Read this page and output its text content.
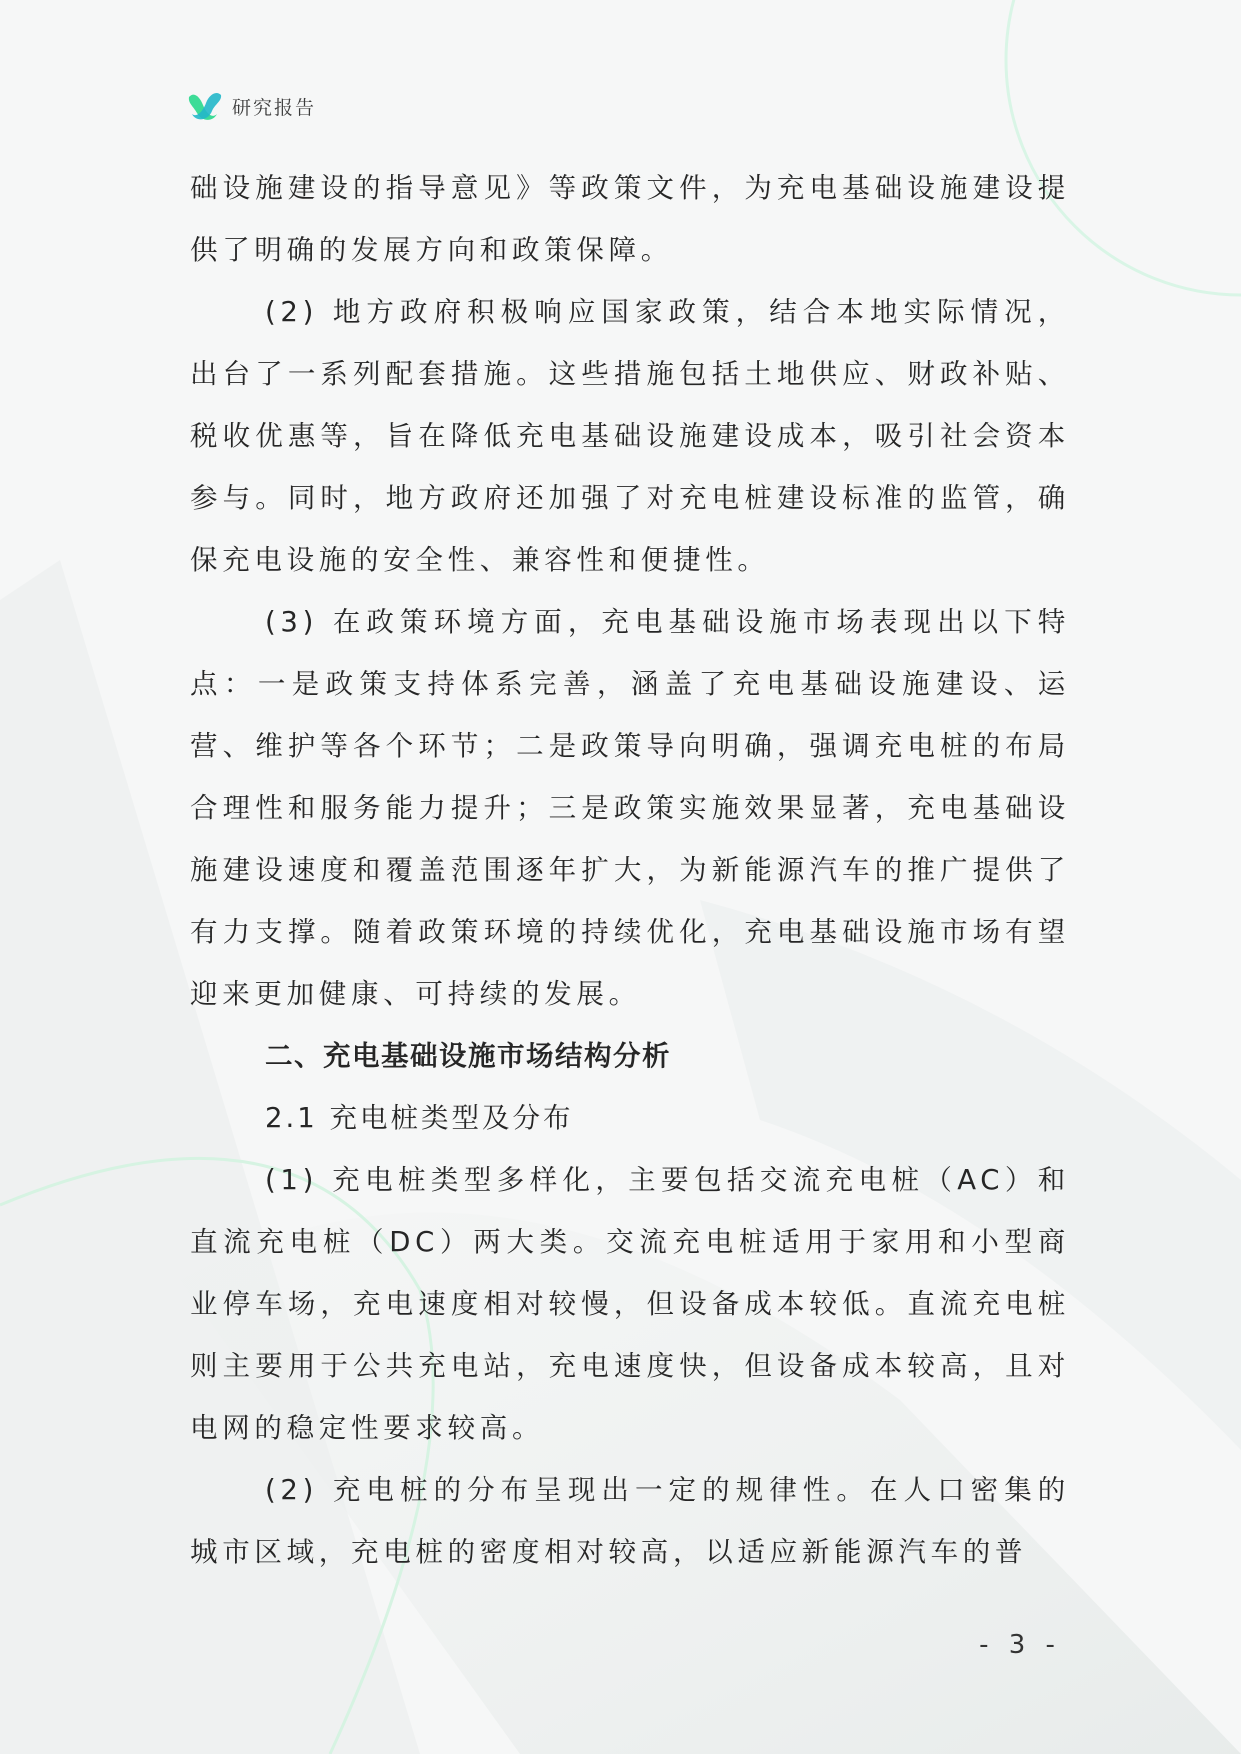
研究报告

础设施建设的指导意见》等政策文件，为充电基础设施建设提供了明确的发展方向和政策保障。

(2) 地方政府积极响应国家政策，结合本地实际情况，出台了一系列配套措施。这些措施包括土地供应、财政补贴、税收优惠等，旨在降低充电基础设施建设成本，吸引社会资本参与。同时，地方政府还加强了对充电桩建设标准的监管，确保充电设施的安全性、兼容性和便捷性。

(3) 在政策环境方面，充电基础设施市场表现出以下特点：一是政策支持体系完善，涵盖了充电基础设施建设、运营、维护等各个环节；二是政策导向明确，强调充电桩的布局合理性和服务能力提升；三是政策实施效果显著，充电基础设施建设速度和覆盖范围逐年扩大，为新能源汽车的推广提供了有力支撑。随着政策环境的持续优化，充电基础设施市场有望迎来更加健康、可持续的发展。

二、充电基础设施市场结构分析

2.1 充电桩类型及分布

(1) 充电桩类型多样化，主要包括交流充电桩（AC）和直流充电桩（DC）两大类。交流充电桩适用于家用和小型商业停车场，充电速度相对较慢，但设备成本较低。直流充电桩则主要用于公共充电站，充电速度快，但设备成本较高，且对电网的稳定性要求较高。

(2) 充电桩的分布呈现出一定的规律性。在人口密集的城市区域，充电桩的密度相对较高，以适应新能源汽车的普

- 3 -
